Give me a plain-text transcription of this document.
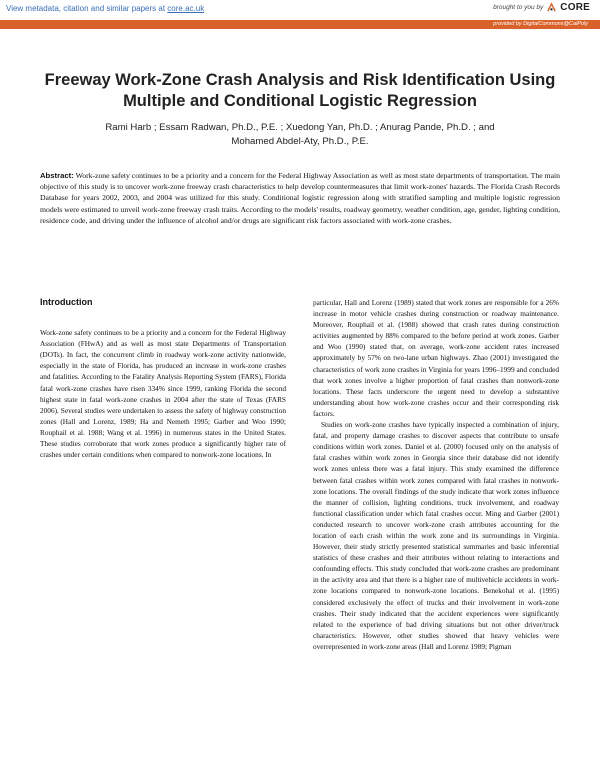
View metadata, citation and similar papers at core.ac.uk	brought to you by CORE
provided by DigitalCommons@CalPoly
Freeway Work-Zone Crash Analysis and Risk Identification Using Multiple and Conditional Logistic Regression
Rami Harb ; Essam Radwan, Ph.D., P.E. ; Xuedong Yan, Ph.D. ; Anurag Pande, Ph.D. ; and
Mohamed Abdel-Aty, Ph.D., P.E.

Abstract: Work-zone safety continues to be a priority and a concern for the Federal Highway Association as well as most state departments of transportation. The main objective of this study is to uncover work-zone freeway crash characteristics to help develop countermeasures that limit work-zones' hazards. The Florida Crash Records Database for years 2002, 2003, and 2004 was utilized for this study. Conditional logistic regression along with stratified sampling and multiple logistic regression models were estimated to unveil work-zone freeway crash traits. According to the models' results, roadway geometry, weather condition, age, gender, lighting condition, residence code, and driving under the influence of alcohol and/or drugs are significant risk factors associated with work-zone crashes.

Introduction

Work-zone safety continues to be a priority and a concern for the Federal Highway Association (FHwA) and as well as most state Departments of Transportation (DOTs). In fact, the concurrent climb in roadway work-zone activity nationwide, especially in the state of Florida, has produced an increase in work-zone crashes and fatalities. According to the Fatality Analysis Reporting System (FARS), Florida fatal work-zone crashes have risen 334% since 1999, ranking Florida the second highest state in fatal work-zone crashes in 2004 after the state of Texas (FARS 2006). Several studies were undertaken to assess the safety of highway construction zones (Hall and Lorenz, 1989; Ha and Nemeth 1995; Garber and Woo 1990; Rouphail et al. 1988; Wang et al. 1996) in numerous states in the United States. These studies corroborate that work zones produce a significantly higher rate of crashes under certain conditions when compared to nonwork-zone locations. In

particular, Hall and Lorenz (1989) stated that work zones are responsible for a 26% increase in motor vehicle crashes during construction or roadway maintenance. Moreover, Rouphail et al. (1988) showed that crash rates during construction activities augmented by 88% compared to the before period at work zones. Garber and Woo (1990) stated that, on average, work-zone accident rates increased approximately by 57% on two-lane urban highways. Zhao (2001) investigated the characteristics of work zone crashes in Virginia for years 1996–1999 and concluded that work zones involve a higher proportion of fatal crashes than nonwork-zone locations. These facts underscore the urgent need to develop a substantive understanding about how work-zone crashes occur and their corresponding risk factors.

Studies on work-zone crashes have typically inspected a combination of injury, fatal, and property damage crashes to discover aspects that contribute to unsafe conditions within work zones. Daniel et al. (2000) focused only on the analysis of fatal crashes within work zones in Georgia since their database did not identify work zones unless there was a fatal injury. This study examined the difference between fatal crashes within work zones compared with fatal crashes in nonwork-zone locations. The overall findings of the study indicate that work zones influence the manner of collision, lighting conditions, truck involvement, and roadway functional classification under which fatal crashes occur. Ming and Garber (2001) conducted research to uncover work-zone crash attributes accounting for the location of each crash within the work zone and its surroundings in Virginia. However, their study strictly presented statistical summaries and basic inferential statistics of these crashes and their attributes without relating to interactions and confounding effects. This study concluded that work-zone crashes are predominant in the activity area and that there is a higher rate of multivehicle accidents in work-zone locations compared to nonwork-zone locations. Benekohal et al. (1995) considered exclusively the effect of trucks and their involvement in work-zone crashes. Their study indicated that the accident experiences were significantly related to the experience of bad driving situations but not other driver/truck characteristics. However, other studies showed that heavy vehicles were overrepresented in work-zone areas (Hall and Lorenz 1989; Pigman
